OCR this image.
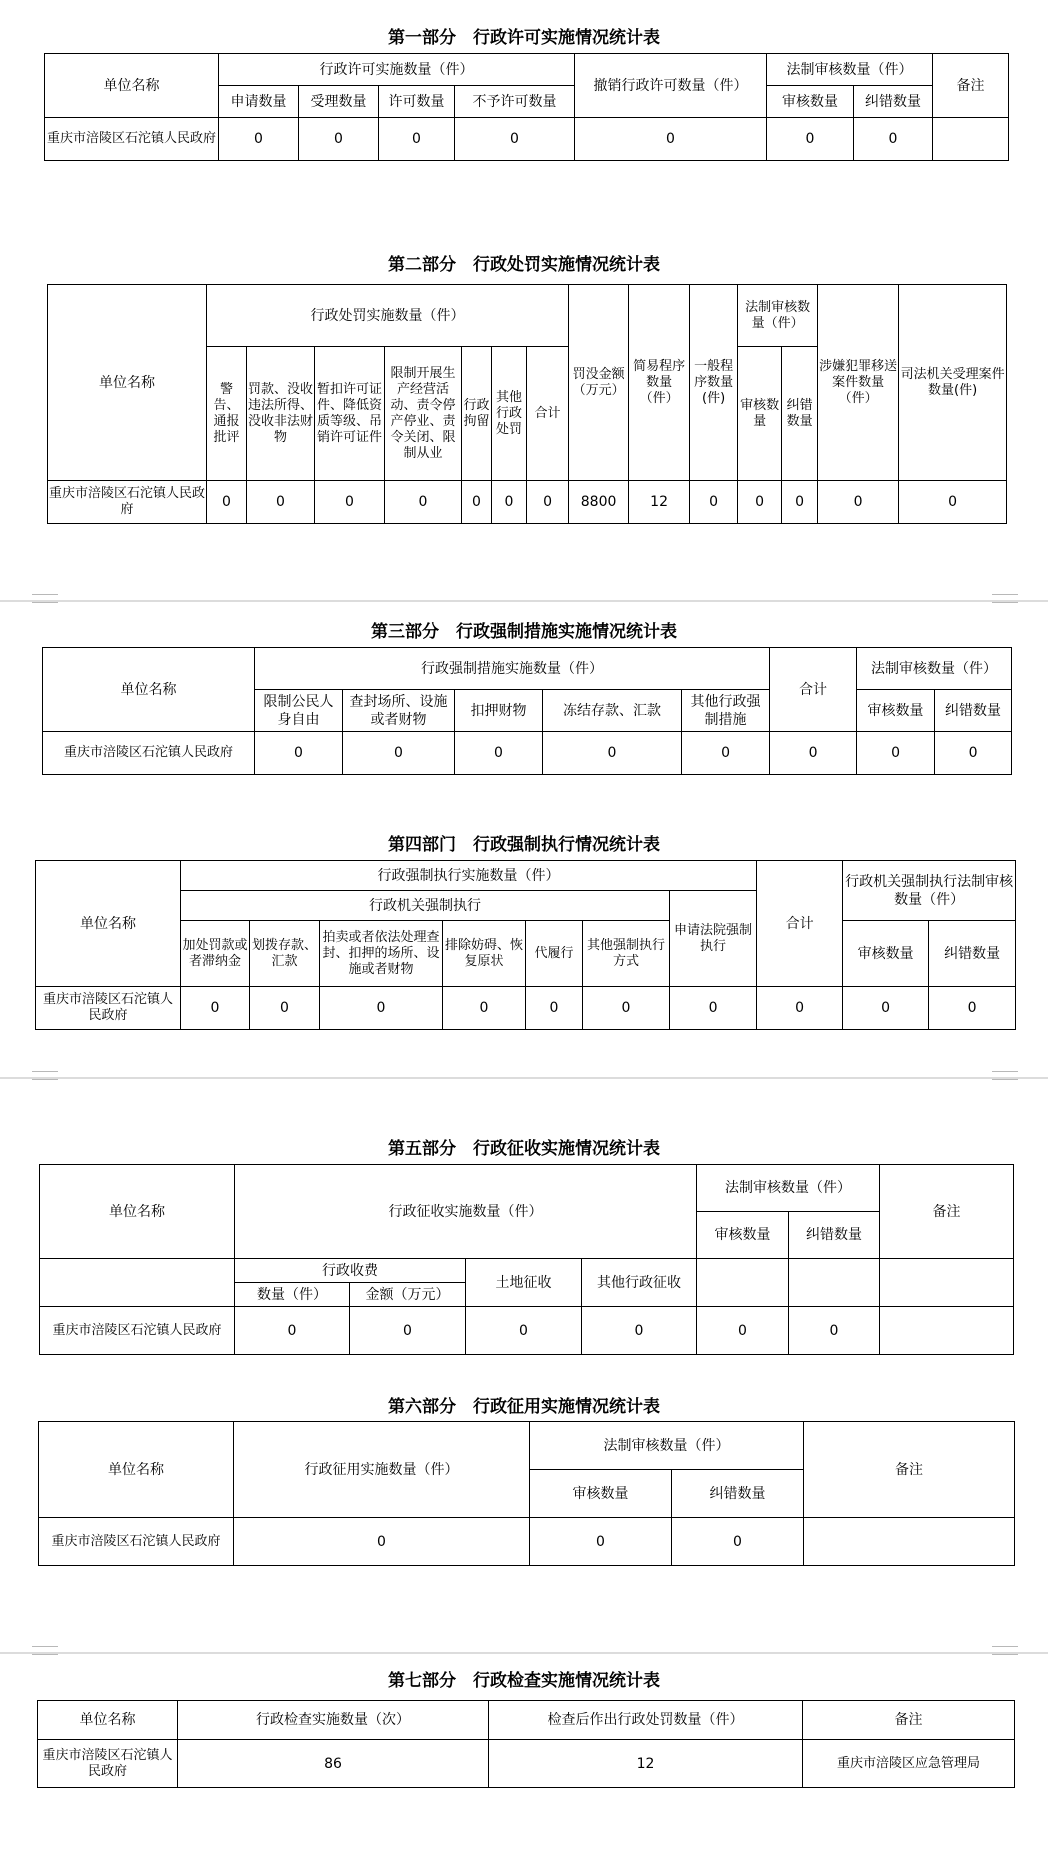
第一部分　行政许可实施情况统计表
单位名称	行政许可实施数量（件）				撤销行政许可数量（件）	法制审核数量（件）		备注
	申请数量	受理数量	许可数量	不予许可数量		审核数量	纠错数量	
重庆市涪陵区石沱镇人民政府	0	0	0	0	0	0	0	
第二部分　行政处罚实施情况统计表
单位名称	行政处罚实施数量（件）							罚没金额（万元）	简易程序数量（件）	一般程序数量(件)	法制审核数量（件）		涉嫌犯罪移送案件数量（件）	司法机关受理案件数量(件)
	警告、通报批评	罚款、没收违法所得、没收非法财物	暂扣许可证件、降低资质等级、吊销许可证件	限制开展生产经营活动、责令停产停业、责令关闭、限制从业	行政拘留	其他行政处罚	合计				审核数量	纠错数量		
重庆市涪陵区石沱镇人民政府	0	0	0	0	0	0	0	8800	12	0	0	0	0	0
第三部分　行政强制措施实施情况统计表
单位名称	行政强制措施实施数量（件）					合计	法制审核数量（件）	
	限制公民人身自由	查封场所、设施或者财物	扣押财物	冻结存款、汇款	其他行政强制措施		审核数量	纠错数量
重庆市涪陵区石沱镇人民政府	0	0	0	0	0	0	0	0
第四部门　行政强制执行情况统计表
单位名称	行政强制执行实施数量（件）							合计	行政机关强制执行法制审核数量（件）	
	行政机关强制执行						申请法院强制执行			
	加处罚款或者滞纳金	划拨存款、汇款	拍卖或者依法处理查封、扣押的场所、设施或者财物	排除妨碍、恢复原状	代履行	其他强制执行方式			审核数量	纠错数量
重庆市涪陵区石沱镇人民政府	0	0	0	0	0	0	0	0	0	0
第五部分　行政征收实施情况统计表
单位名称	行政征收实施数量（件）				法制审核数量（件）		备注
					审核数量	纠错数量	
	行政收费		土地征收	其他行政征收			
	数量（件）	金额（万元）					
重庆市涪陵区石沱镇人民政府	0	0	0	0	0	0	
第六部分　行政征用实施情况统计表
单位名称	行政征用实施数量（件）	法制审核数量（件）		备注
		审核数量	纠错数量	
重庆市涪陵区石沱镇人民政府	0	0	0	
第七部分　行政检查实施情况统计表
单位名称	行政检查实施数量（次）	检查后作出行政处罚数量（件）	备注
重庆市涪陵区石沱镇人民政府	86	12	重庆市涪陵区应急管理局
